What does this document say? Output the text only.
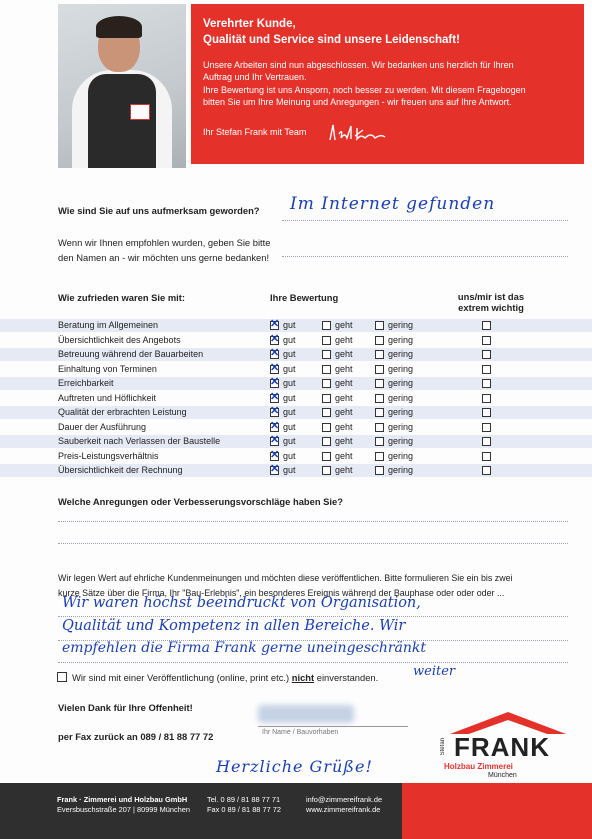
Verehrter Kunde,
Qualität und Service sind unsere Leidenschaft!

Unsere Arbeiten sind nun abgeschlossen. Wir bedanken uns herzlich für Ihren
Auftrag und Ihr Vertrauen.

Ihre Bewertung ist uns Ansporn, noch besser zu werden. Mit diesem Fragebogen
bitten Sie um Ihre Meinung und Anregungen - wir freuen uns auf Ihre Antwort.

Ihr Stefan Frank mit Team

Wie sind Sie auf uns aufmerksam geworden? Im Internet gefunden
Wenn wir Ihnen empfohlen wurden, geben Sie bitte
den Namen an - wir möchten uns gerne bedanken!
Wie zufrieden waren Sie mit:	Ihre Bewertung	uns/mir ist das
extrem wichtig
Beratung im Allgemeinen ✕	gut	geht	gering
Übersichtlichkeit des Angebots ✕	gut	geht	gering
Betreuung während der Bauarbeiten ✕	gut	geht	gering
Einhaltung von Terminen ✕	gut	geht	gering
Erreichbarkeit ✕	gut	geht	gering
Auftreten und Höflichkeit ✕	gut	geht	gering
Qualität der erbrachten Leistung ✕	gut	geht	gering
Dauer der Ausführung ✕	gut	geht	gering
Sauberkeit nach Verlassen der Baustelle ✕	gut	geht	gering
Preis-Leistungsverhältnis ✕	gut	geht	gering
Übersichtlichkeit der Rechnung ✕	gut	geht	gering
Welche Anregungen oder Verbesserungsvorschläge haben Sie?
Wir legen Wert auf ehrliche Kundenmeinungen und möchten diese veröffentlichen. Bitte formulieren Sie ein bis zwei
kurze Sätze über die Firma, Ihr "Bau-Erlebnis", ein besonderes Ereignis während der Bauphase oder oder oder ...
Wir waren höchst beeindruckt von Organisation,
Qualität und Kompetenz in allen Bereiche. Wir
empfehlen die Firma Frank gerne uneingeschränkt
weiter
Wir sind mit einer Veröffentlichung (online, print etc.) nicht einverstanden.
Vielen Dank für Ihre Offenheit!
per Fax zurück an 089 / 81 88 77 72	Ihr Name / Bauvorhaben
Herzliche Grüße!
Stefan FRANK
Holzbau Zimmerei
München
Frank · Zimmerei und Holzbau GmbH
Eversbuschstraße 207 | 80999 München
Tel. 0 89 / 81 88 77 71
Fax 0 89 / 81 88 77 72
info@zimmereifrank.de
www.zimmereifrank.de
